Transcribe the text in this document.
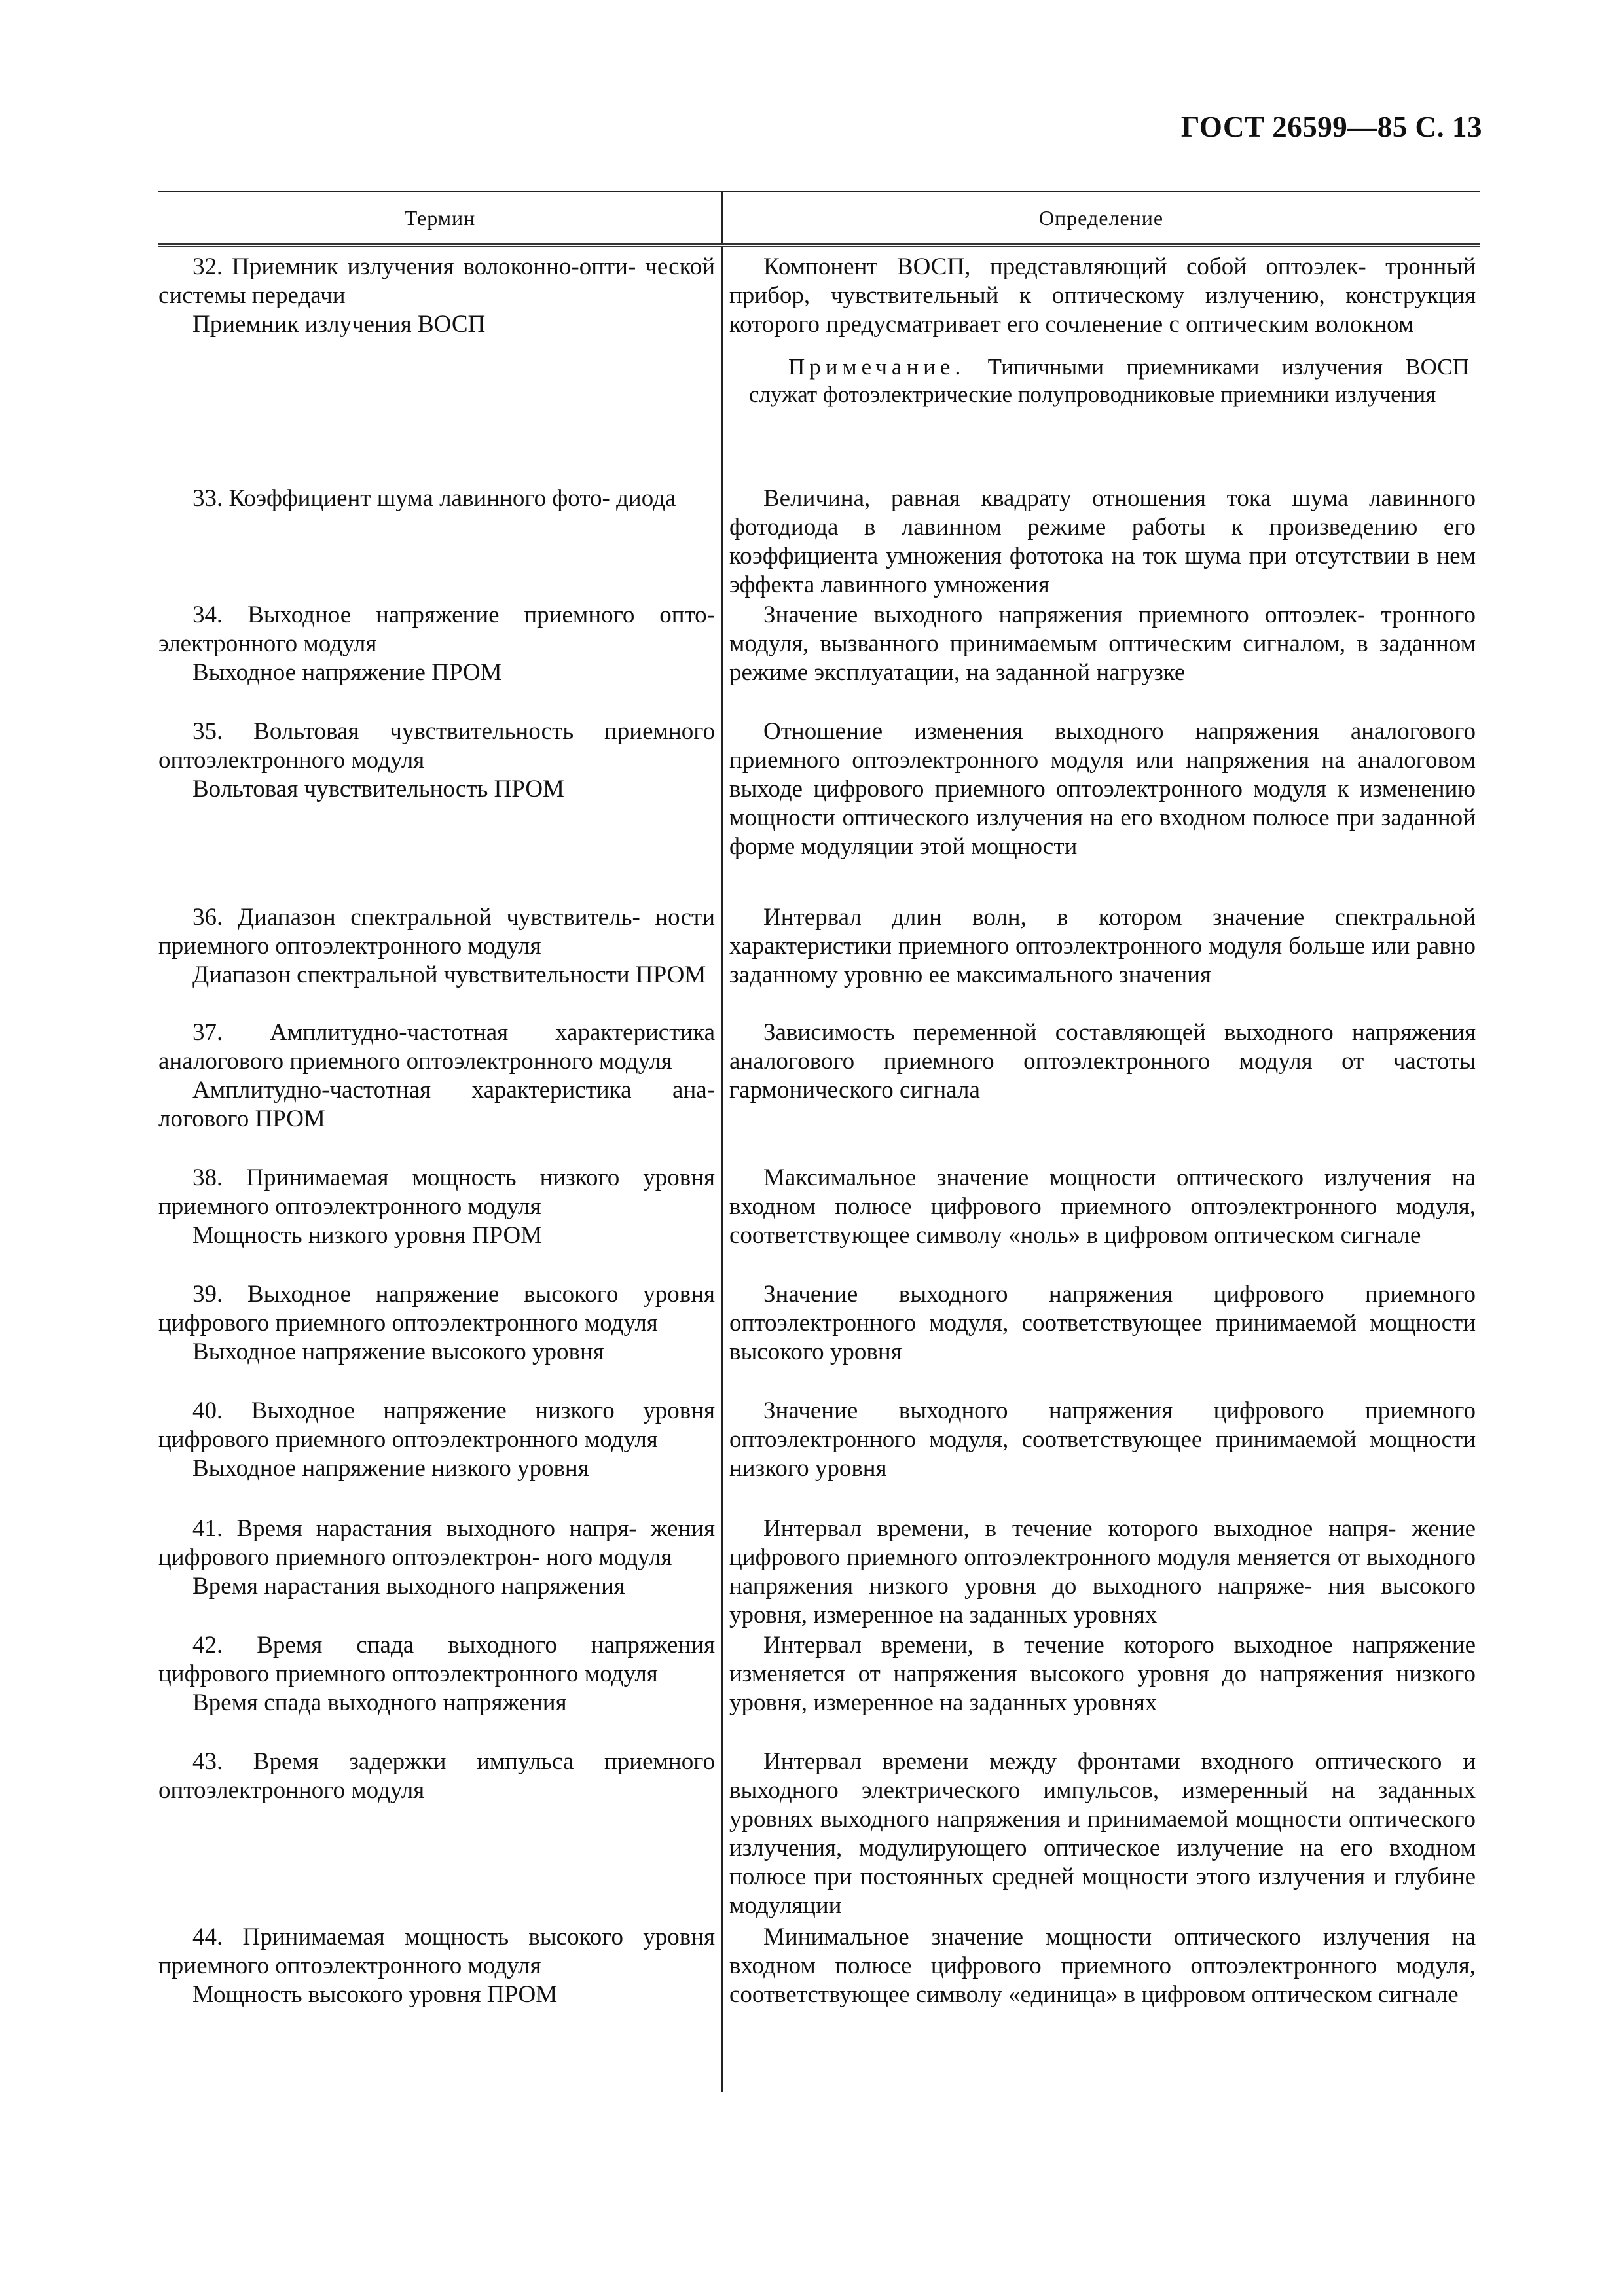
ГОСТ 26599—85 С. 13
Термин	Определение

32. Приемник излучения волоконно-опти- ческой системы передачи

Приемник излучения ВОСП

Компонент ВОСП, представляющий собой оптоэлек- тронный прибор, чувствительный к оптическому излучению, конструкция которого предусматривает его сочленение с оптическим волокном

Примечание. Типичными приемниками излучения ВОСП служат фотоэлектрические полупроводниковые приемники излучения

33. Коэффициент шума лавинного фото- диода	Величина, равная квадрату отношения тока шума лавинного фотодиода в лавинном режиме работы к произведению его коэффициента умножения фототока на ток шума при отсутствии в нем эффекта лавинного умножения

34. Выходное напряжение приемного опто- электронного модуля

Выходное напряжение ПРОМ

Значение выходного напряжения приемного оптоэлек- тронного модуля, вызванного принимаемым оптическим сигналом, в заданном режиме эксплуатации, на заданной нагрузке

35. Вольтовая чувствительность приемного оптоэлектронного модуля

Вольтовая чувствительность ПРОМ

Отношение изменения выходного напряжения аналогового приемного оптоэлектронного модуля или напряжения на аналоговом выходе цифрового приемного оптоэлектронного модуля к изменению мощности оптического излучения на его входном полюсе при заданной форме модуляции этой мощности

36. Диапазон спектральной чувствитель- ности приемного оптоэлектронного модуля

Диапазон спектральной чувствительности ПРОМ

Интервал длин волн, в котором значение спектральной характеристики приемного оптоэлектронного модуля больше или равно заданному уровню ее максимального значения

37. Амплитудно-частотная характеристика аналогового приемного оптоэлектронного модуля

Амплитудно-частотная характеристика ана- логового ПРОМ

Зависимость переменной составляющей выходного напряжения аналогового приемного оптоэлектронного модуля от частоты гармонического сигнала

38. Принимаемая мощность низкого уровня приемного оптоэлектронного модуля

Мощность низкого уровня ПРОМ

Максимальное значение мощности оптического излучения на входном полюсе цифрового приемного оптоэлектронного модуля, соответствующее символу «ноль» в цифровом оптическом сигнале

39. Выходное напряжение высокого уровня цифрового приемного оптоэлектронного модуля

Выходное напряжение высокого уровня

Значение выходного напряжения цифрового приемного оптоэлектронного модуля, соответствующее принимаемой мощности высокого уровня

40. Выходное напряжение низкого уровня цифрового приемного оптоэлектронного модуля

Выходное напряжение низкого уровня

Значение выходного напряжения цифрового приемного оптоэлектронного модуля, соответствующее принимаемой мощности низкого уровня

41. Время нарастания выходного напря- жения цифрового приемного оптоэлектрон- ного модуля

Время нарастания выходного напряжения

Интервал времени, в течение которого выходное напря- жение цифрового приемного оптоэлектронного модуля меняется от выходного напряжения низкого уровня до выходного напряже- ния высокого уровня, измеренное на заданных уровнях

42. Время спада выходного напряжения цифрового приемного оптоэлектронного модуля

Время спада выходного напряжения

Интервал времени, в течение которого выходное напряжение изменяется от напряжения высокого уровня до напряжения низкого уровня, измеренное на заданных уровнях

43. Время задержки импульса приемного оптоэлектронного модуля

Интервал времени между фронтами входного оптического и выходного электрического импульсов, измеренный на заданных уровнях выходного напряжения и принимаемой мощности оптического излучения, модулирующего оптическое излучение на его входном полюсе при постоянных средней мощности этого излучения и глубине модуляции

44. Принимаемая мощность высокого уровня приемного оптоэлектронного модуля

Мощность высокого уровня ПРОМ

Минимальное значение мощности оптического излучения на входном полюсе цифрового приемного оптоэлектронного модуля, соответствующее символу «единица» в цифровом оптическом сигнале
